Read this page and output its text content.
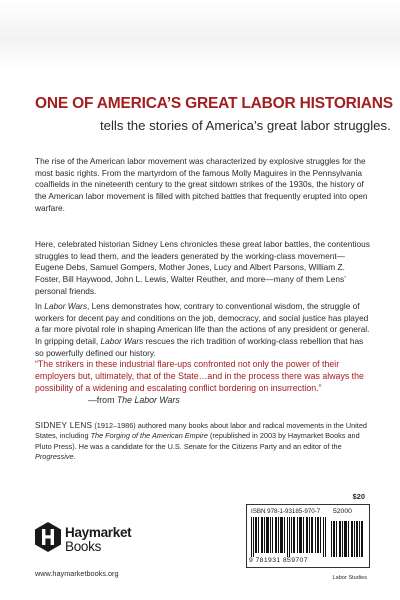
ONE OF AMERICA’S GREAT LABOR HISTORIANS
tells the stories of America’s great labor struggles.

The rise of the American labor movement was characterized by explosive struggles for the most basic rights. From the martyrdom of the famous Molly Maguires in the Pennsylvania coalfields in the nineteenth century to the great sitdown strikes of the 1930s, the history of the American labor movement is filled with pitched battles that frequently erupted into open warfare.

Here, celebrated historian Sidney Lens chronicles these great labor battles, the contentious struggles to lead them, and the leaders generated by the working-class movement—Eugene Debs, Samuel Gompers, Mother Jones, Lucy and Albert Parsons, William Z. Foster, Bill Haywood, John L. Lewis, Walter Reuther, and more—many of them Lens’ personal friends.

In Labor Wars, Lens demonstrates how, contrary to conventional wisdom, the struggle of workers for decent pay and conditions on the job, democracy, and social justice has played a far more pivotal role in shaping American life than the actions of any president or general. In gripping detail, Labor Wars rescues the rich tradition of working-class rebellion that has so powerfully defined our history.

“The strikers in these industrial flare-ups confronted not only the power of their employers but, ultimately, that of the State…and in the process there was always the possibility of a widening and escalating conflict bordering on insurrection.”

—from The Labor Wars

SIDNEY LENS (1912–1986) authored many books about labor and radical movements in the United States, including The Forging of the American Empire (republished in 2003 by Haymarket Books and Pluto Press). He was a candidate for the U.S. Senate for the Citizens Party and an editor of the Progressive.

$20
Haymarket
Books
www.haymarketbooks.org
ISBN 978-1-93185-970-7 52000
9 781931 859707
Labor Studies
